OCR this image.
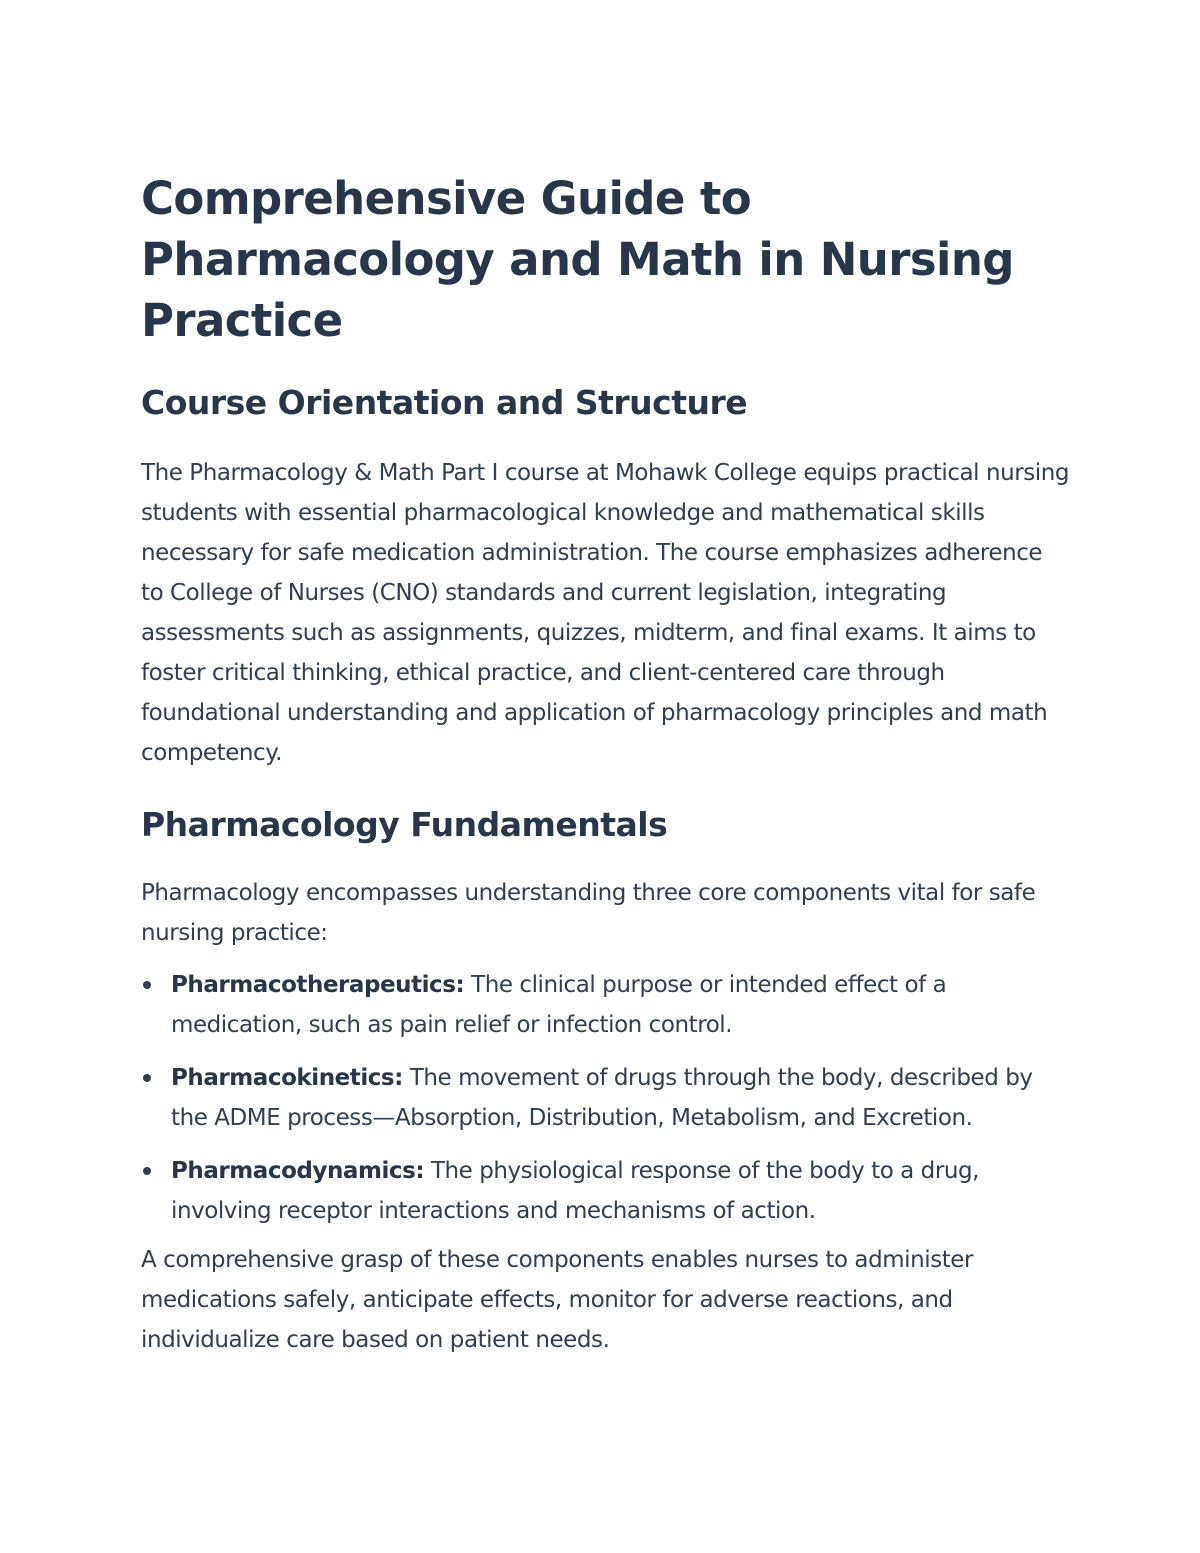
Comprehensive Guide to Pharmacology and Math in Nursing Practice
Course Orientation and Structure

The Pharmacology & Math Part I course at Mohawk College equips practical nursing students with essential pharmacological knowledge and mathematical skills necessary for safe medication administration. The course emphasizes adherence to College of Nurses (CNO) standards and current legislation, integrating assessments such as assignments, quizzes, midterm, and final exams. It aims to foster critical thinking, ethical practice, and client-centered care through foundational understanding and application of pharmacology principles and math competency.

Pharmacology Fundamentals

Pharmacology encompasses understanding three core components vital for safe nursing practice:

Pharmacotherapeutics: The clinical purpose or intended effect of a medication, such as pain relief or infection control.
Pharmacokinetics: The movement of drugs through the body, described by the ADME process—Absorption, Distribution, Metabolism, and Excretion.
Pharmacodynamics: The physiological response of the body to a drug, involving receptor interactions and mechanisms of action.

A comprehensive grasp of these components enables nurses to administer medications safely, anticipate effects, monitor for adverse reactions, and individualize care based on patient needs.
